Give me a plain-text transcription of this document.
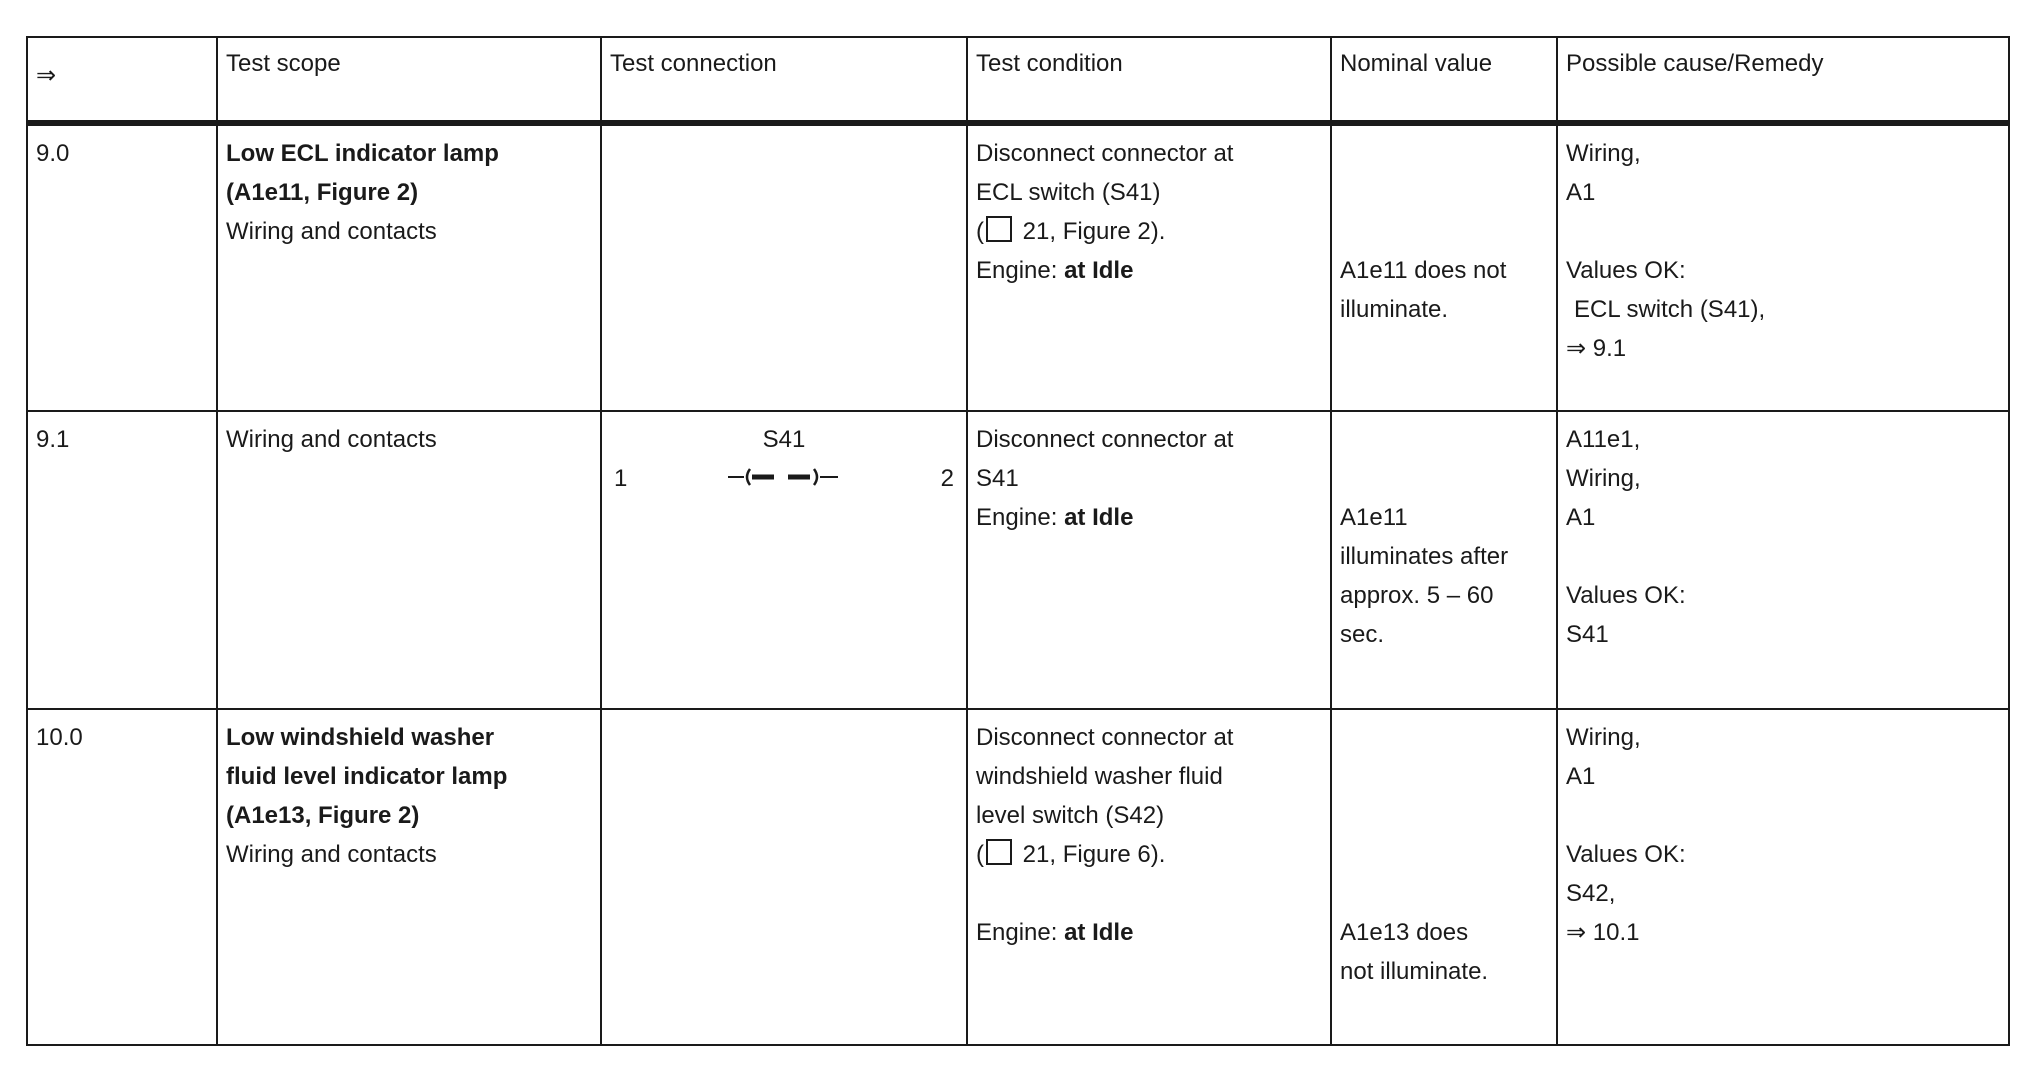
⇒	Test scope	Test connection	Test condition	Nominal value	Possible cause/Remedy
9.0	Low ECL indicator lamp
(A1e11, Figure 2)
Wiring and contacts		Disconnect connector at
ECL switch (S41)
( 21, Figure 2).
Engine: at Idle	A1e11 does not
illuminate.	Wiring,
A1
Values OK:
ECL switch (S41),
⇒ 9.1

9.1	Wiring and contacts	S41
1 2	Disconnect connector at
S41
Engine: at Idle	A1e11
illuminates after
approx. 5 – 60
sec.	A11e1,
Wiring,
A1
Values OK:
S41

10.0	Low windshield washer
fluid level indicator lamp
(A1e13, Figure 2)
Wiring and contacts		Disconnect connector at
windshield washer fluid
level switch (S42)
( 21, Figure 6).
Engine: at Idle	A1e13 does
not illuminate.	Wiring,
A1
Values OK:
S42,
⇒ 10.1
